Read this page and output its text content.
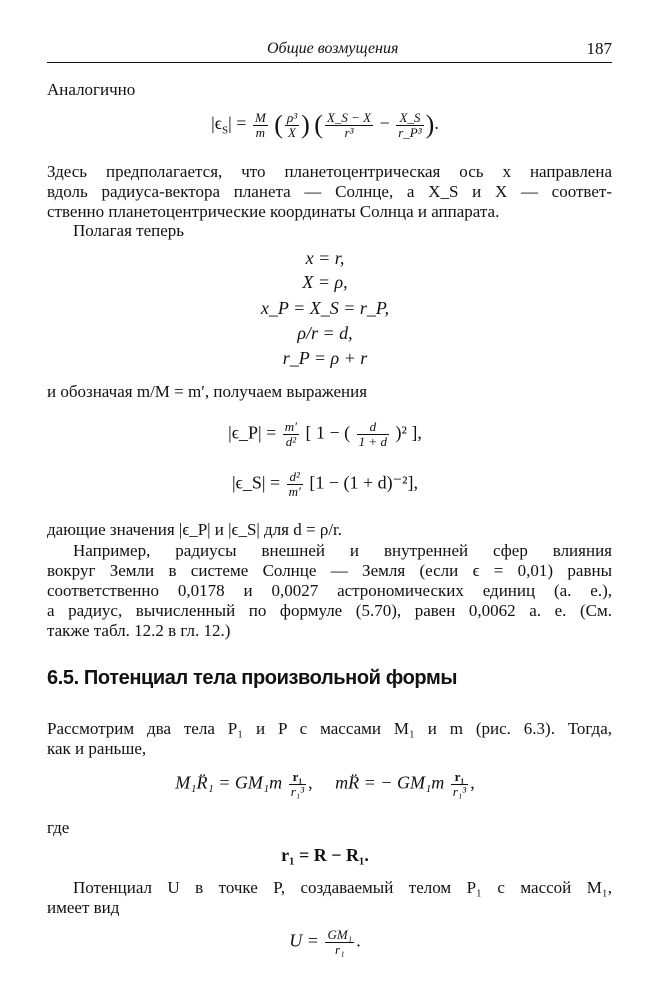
Общие возмущения	187
Аналогично
$|\epsilon_S| = \frac{M}{m}$ ( $\frac{\text{ρ³}}{X}$ ) ( $\frac{X\_S - X}{\text{r³}} - \frac{X\_S}{\text{r\_P³}}$ ).
Здесь предполагается, что планетоцентрическая ось x направлена
вдоль радиуса-вектора планета — Солнце, а X_S и X — соответ-
ственно планетоцентрические координаты Солнца и аппарата.
Полагая теперь
x = r,
X = ρ,
x_P = X_S = r_P,
ρ/r = d,
r_P = ρ + r
и обозначая m/M = m′, получаем выражения
|ϵ_P| = $\frac{m'}{\text{d²}}$ [ 1 − ( $\frac{d}{1 + d} )^2$ ],
|ϵ_S| = $\frac{\text{d²}}{m'} [1 - (1 + d)^{-2}]$,
дающие значения |ϵ_P| и |ϵ_S| для d = ρ/r.
Например, радиусы внешней и внутренней сфер влияния
вокруг Земли в системе Солнце — Земля (если ϵ = 0,01) равны
соответственно 0,0178 и 0,0027 астрономических единиц (а. е.),
а радиус, вычисленный по формуле (5.70), равен 0,0062 а. е. (См.
также табл. 12.2 в гл. 12.)
6.5. Потенциал тела произвольной формы
Рассмотрим два тела P₁ и P с массами M₁ и m (рис. 6.3). Тогда,
как и раньше,
M₁R̈₁ = $GM_1m \frac{\text{r₁}}{\text{r₁³}}$ , mR̈ = − $GM_1m \frac{\text{r₁}}{\text{r₁³}}$ ,
где
r₁ = R − R₁.
Потенциал U в точке P, создаваемый телом P₁ с массой M₁,
имеет вид
$U = \frac{\text{GM₁}}{\text{r₁}}$ .
